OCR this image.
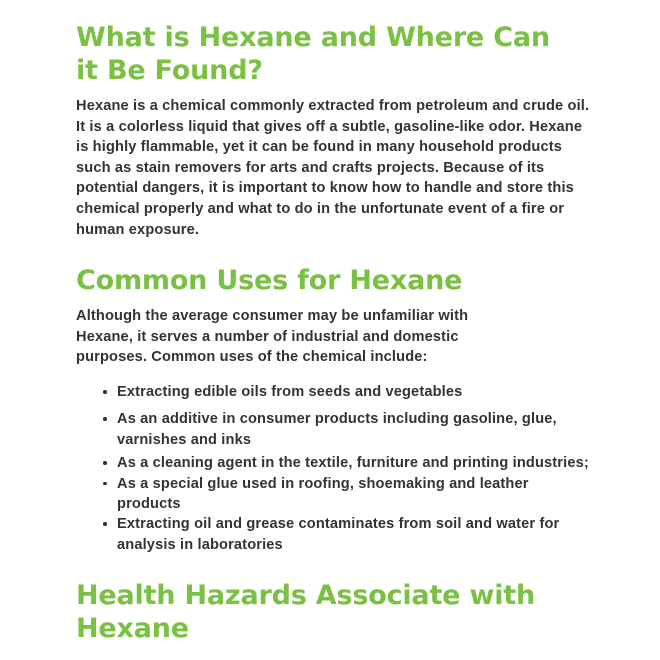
What is Hexane and Where Can it Be Found?

Hexane is a chemical commonly extracted from petroleum and crude oil. It is a colorless liquid that gives off a subtle, gasoline-like odor. Hexane is highly flammable, yet it can be found in many household products such as stain removers for arts and crafts projects. Because of its potential dangers, it is important to know how to handle and store this chemical properly and what to do in the unfortunate event of a fire or human exposure.

Common Uses for Hexane

Although the average consumer may be unfamiliar with Hexane, it serves a number of industrial and domestic purposes. Common uses of the chemical include:

Extracting edible oils from seeds and vegetables
As an additive in consumer products including gasoline, glue, varnishes and inks
As a cleaning agent in the textile, furniture and printing industries;
As a special glue used in roofing, shoemaking and leather products
Extracting oil and grease contaminates from soil and water for analysis in laboratories
Health Hazards Associate with Hexane
